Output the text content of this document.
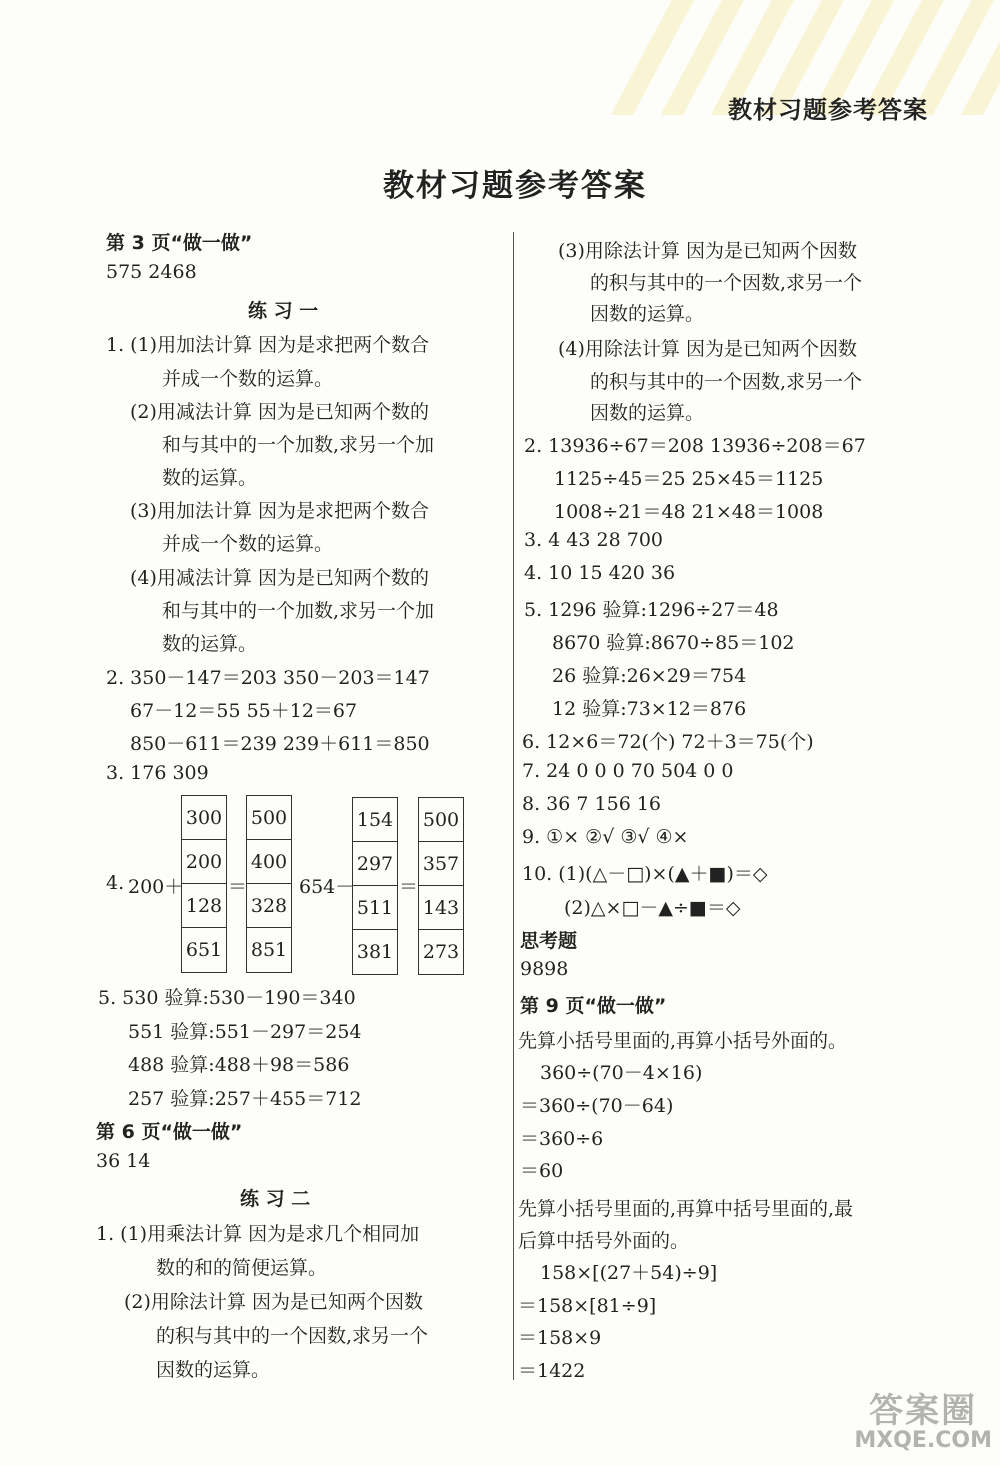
教材习题参考答案
教材习题参考答案
第 3 页“做一做”
575 2468
练 习 一
1. (1)用加法计算 因为是求把两个数合
并成一个数的运算。
(2)用减法计算 因为是已知两个数的
和与其中的一个加数,求另一个加
数的运算。
(3)用加法计算 因为是求把两个数合
并成一个数的运算。
(4)用减法计算 因为是已知两个数的
和与其中的一个加数,求另一个加
数的运算。
2. 350－147＝203 350－203＝147
67－12＝55 55＋12＝67
850－611＝239 239＋611＝850
3. 176 309
4. 200＋
300
200
128
651
＝
500
400
328
851
654－
154
297
511
381
＝
500
357
143
273
5. 530 验算:530－190＝340
551 验算:551－297＝254
488 验算:488＋98＝586
257 验算:257＋455＝712
第 6 页“做一做”
36 14
练 习 二
1. (1)用乘法计算 因为是求几个相同加
数的和的简便运算。
(2)用除法计算 因为是已知两个因数
的积与其中的一个因数,求另一个
因数的运算。
(3)用除法计算 因为是已知两个因数
的积与其中的一个因数,求另一个
因数的运算。
(4)用除法计算 因为是已知两个因数
的积与其中的一个因数,求另一个
因数的运算。
2. 13936÷67＝208 13936÷208＝67
1125÷45＝25 25×45＝1125
1008÷21＝48 21×48＝1008
3. 4 43 28 700
4. 10 15 420 36
5. 1296 验算:1296÷27＝48
8670 验算:8670÷85＝102
26 验算:26×29＝754
12 验算:73×12＝876
6. 12×6＝72(个) 72＋3＝75(个)
7. 24 0 0 0 70 504 0 0
8. 36 7 156 16
9. ①× ②√ ③√ ④×
10. (1)(△－□)×(▲＋■)＝◇
(2)△×□－▲÷■＝◇
思考题
9898
第 9 页“做一做”
先算小括号里面的,再算小括号外面的。
360÷(70－4×16)
＝360÷(70－64)
＝360÷6
＝60
先算小括号里面的,再算中括号里面的,最
后算中括号外面的。
158×[(27＋54)÷9]
＝158×[81÷9]
＝158×9
＝1422
答案圈
MXQE.COM
